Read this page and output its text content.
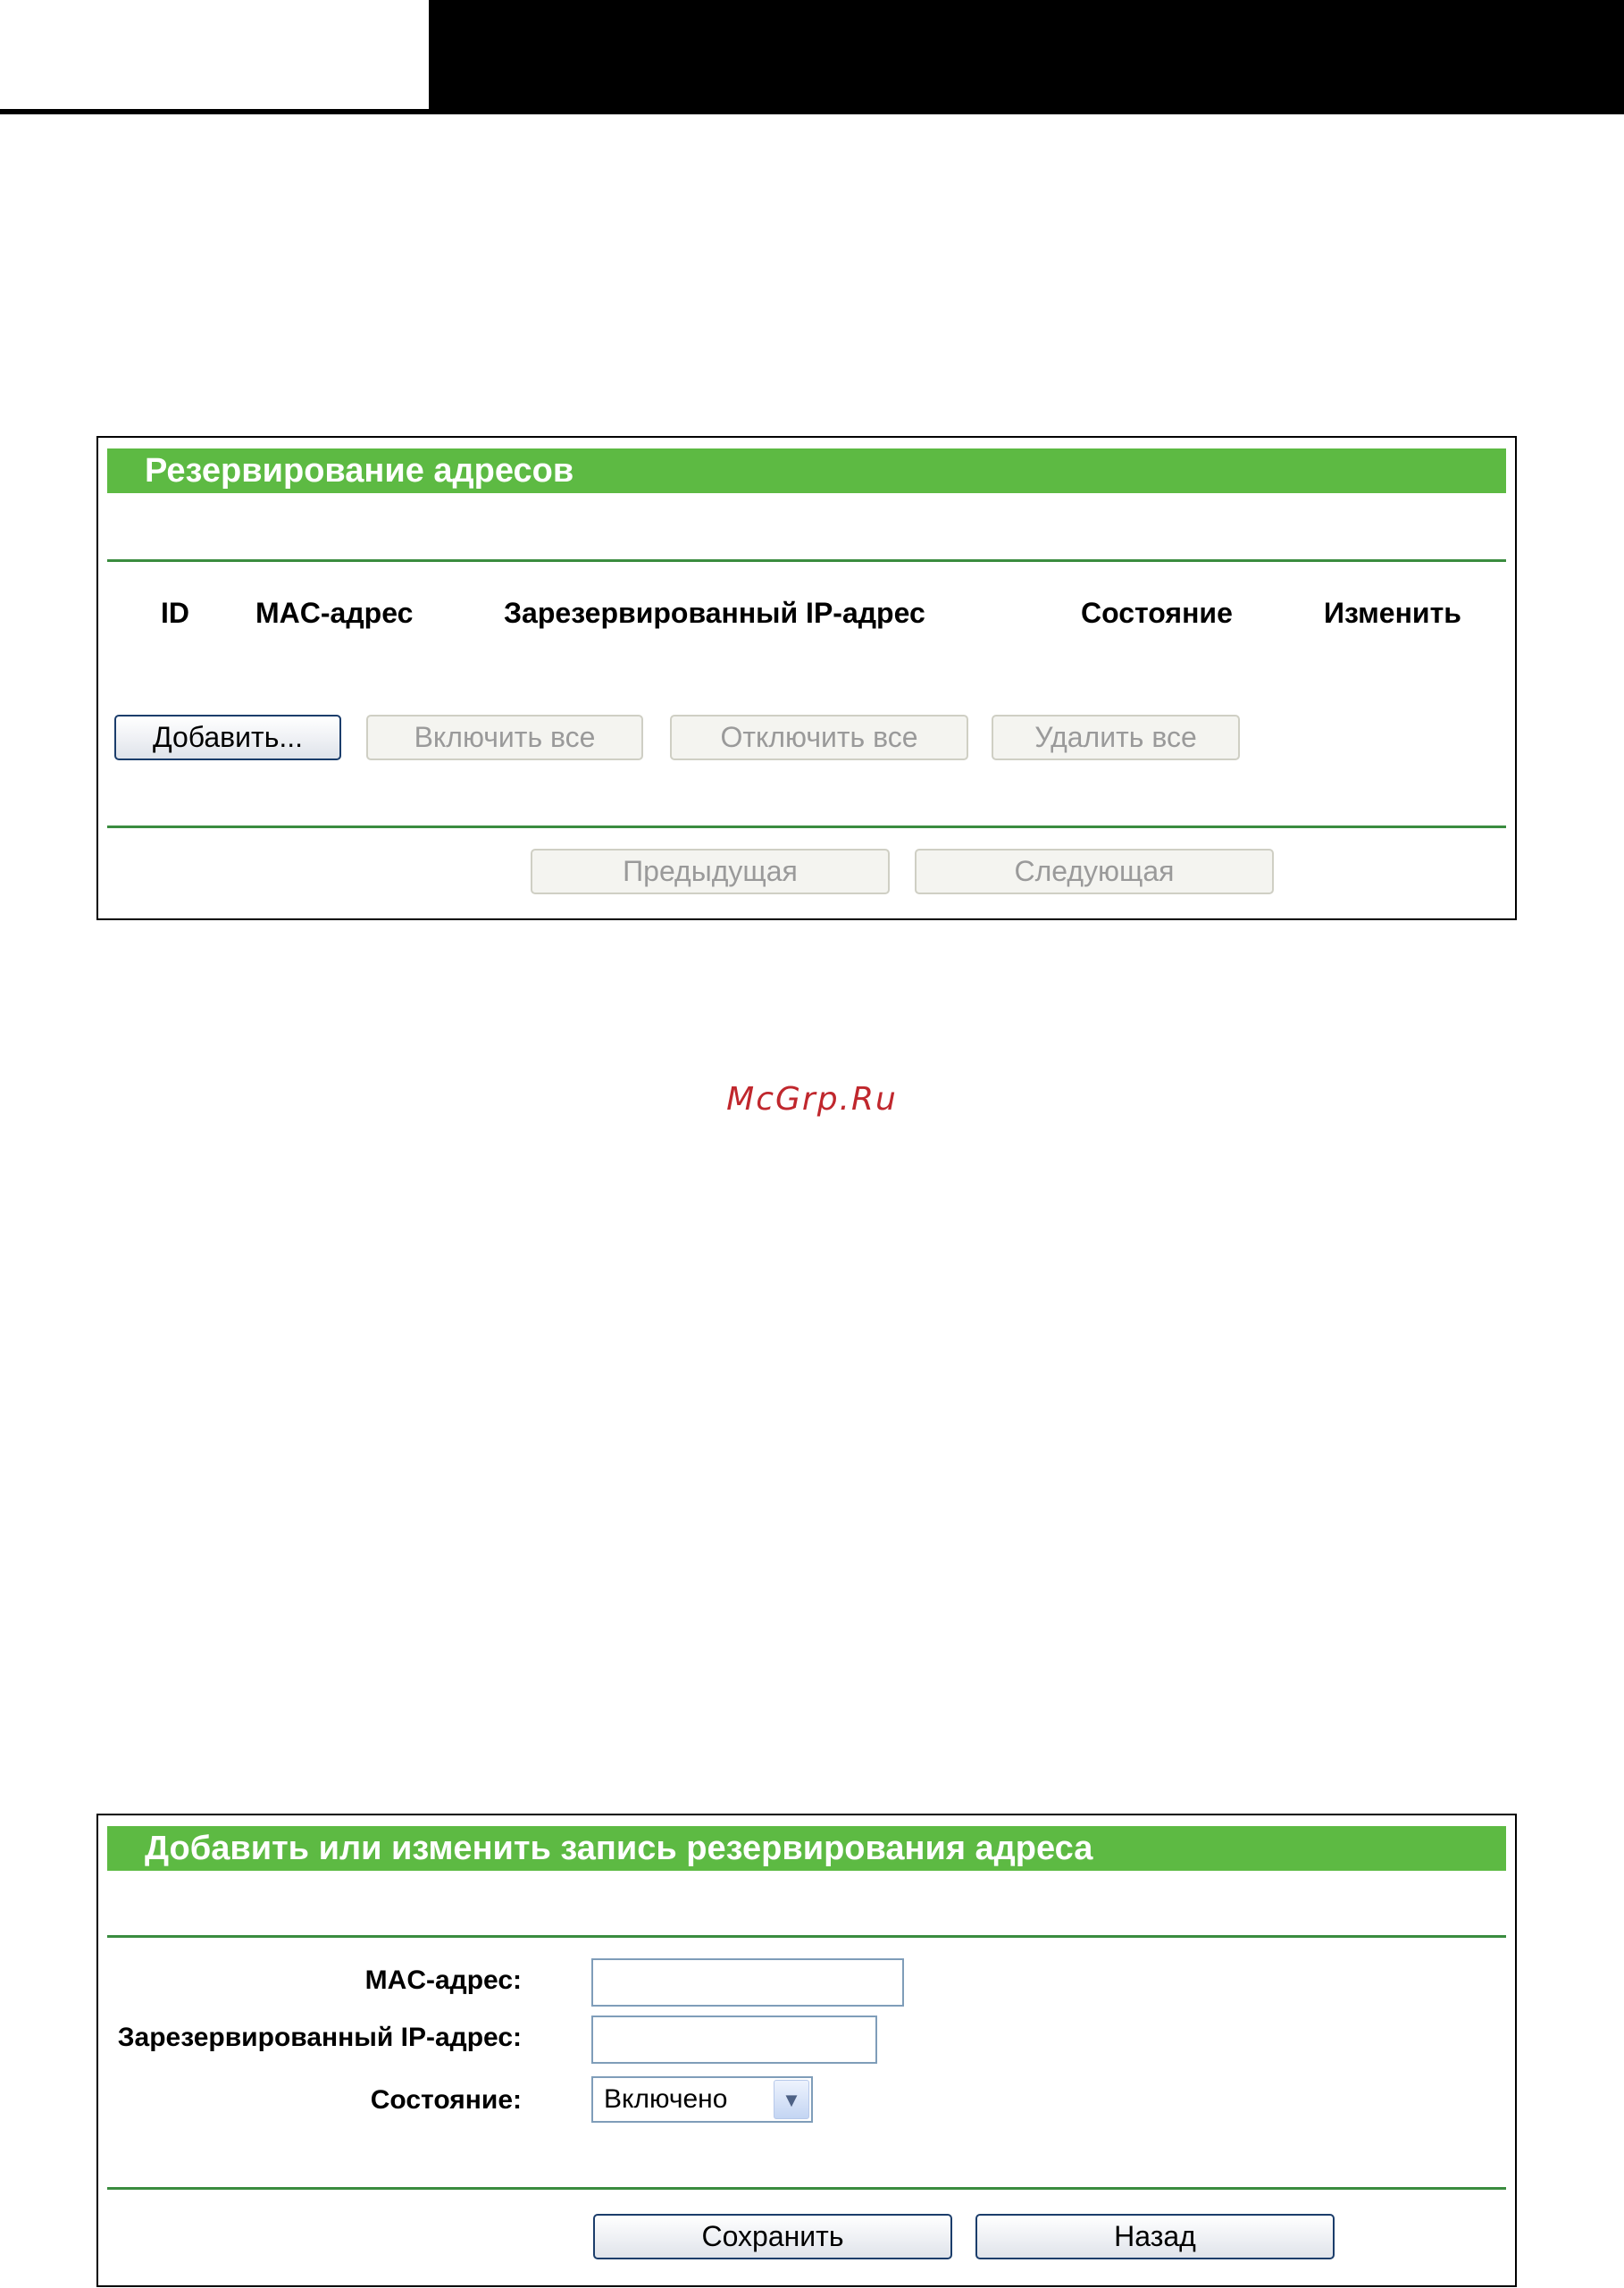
Резервирование адресов
ID MAC-адрес	Зарезервированный IP-адрес	Состояние	Изменить
Добавить...	Включить все	Отключить все	Удалить все
Предыдущая	Следующая
McGrp.Ru
Добавить или изменить запись резервирования адреса
MAC-адрес:
Зарезервированный IP-адрес:
Состояние:	Включено	▼
Сохранить	Назад
